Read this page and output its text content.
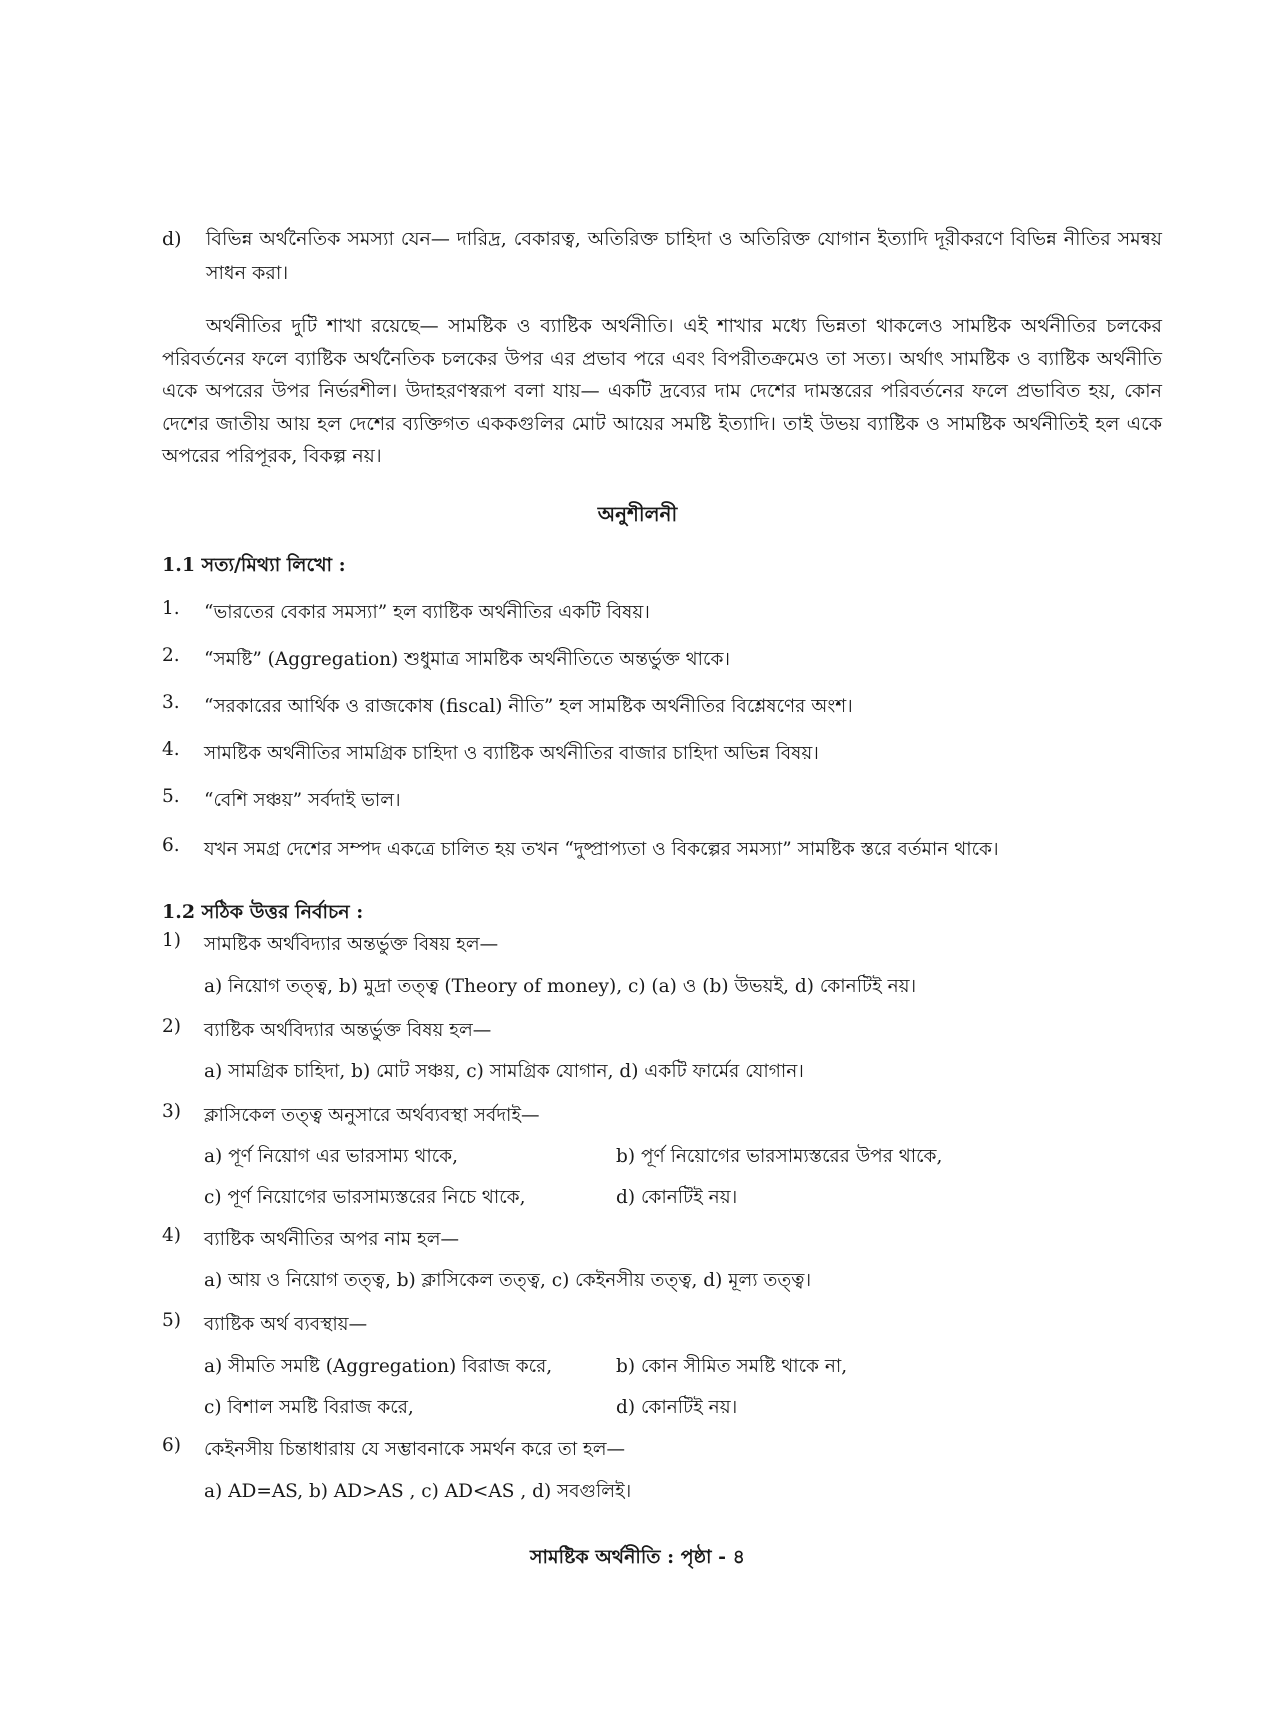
d)	বিভিন্ন অর্থনৈতিক সমস্যা যেন— দারিদ্র, বেকারত্ব, অতিরিক্ত চাহিদা ও অতিরিক্ত যোগান ইত্যাদি দূরীকরণে বিভিন্ন নীতির সমন্বয় সাধন করা।
অর্থনীতির দুটি শাখা রয়েছে— সামষ্টিক ও ব্যাষ্টিক অর্থনীতি। এই শাখার মধ্যে ভিন্নতা থাকলেও সামষ্টিক অর্থনীতির চলকের পরিবর্তনের ফলে ব্যাষ্টিক অর্থনৈতিক চলকের উপর এর প্রভাব পরে এবং বিপরীতক্রমেও তা সত্য। অর্থাৎ সামষ্টিক ও ব্যাষ্টিক অর্থনীতি একে অপরের উপর নির্ভরশীল। উদাহরণস্বরূপ বলা যায়— একটি দ্রব্যের দাম দেশের দামস্তরের পরিবর্তনের ফলে প্রভাবিত হয়, কোন দেশের জাতীয় আয় হল দেশের ব্যক্তিগত এককগুলির মোট আয়ের সমষ্টি ইত্যাদি। তাই উভয় ব্যাষ্টিক ও সামষ্টিক অর্থনীতিই হল একে অপরের পরিপূরক, বিকল্প নয়।
অনুশীলনী
1.1 সত্য/মিথ্যা লিখো :
1.	“ভারতের বেকার সমস্যা” হল ব্যাষ্টিক অর্থনীতির একটি বিষয়।
2.	“সমষ্টি” (Aggregation) শুধুমাত্র সামষ্টিক অর্থনীতিতে অন্তর্ভুক্ত থাকে।
3.	“সরকারের আর্থিক ও রাজকোষ (fiscal) নীতি” হল সামষ্টিক অর্থনীতির বিশ্লেষণের অংশ।
4.	সামষ্টিক অর্থনীতির সামগ্রিক চাহিদা ও ব্যাষ্টিক অর্থনীতির বাজার চাহিদা অভিন্ন বিষয়।
5.	“বেশি সঞ্চয়” সর্বদাই ভাল।
6.	যখন সমগ্র দেশের সম্পদ একত্রে চালিত হয় তখন “দুষ্প্রাপ্যতা ও বিকল্পের সমস্যা” সামষ্টিক স্তরে বর্তমান থাকে।
1.2 সঠিক উত্তর নির্বাচন :
1)	সামষ্টিক অর্থবিদ্যার অন্তর্ভুক্ত বিষয় হল—
a) নিয়োগ তত্ত্ব, b) মুদ্রা তত্ত্ব (Theory of money), c) (a) ও (b) উভয়ই, d) কোনটিই নয়।
2)	ব্যাষ্টিক অর্থবিদ্যার অন্তর্ভুক্ত বিষয় হল—
a) সামগ্রিক চাহিদা, b) মোট সঞ্চয়, c) সামগ্রিক যোগান, d) একটি ফার্মের যোগান।
3)	ক্লাসিকেল তত্ত্ব অনুসারে অর্থব্যবস্থা সর্বদাই—
a) পূর্ণ নিয়োগ এর ভারসাম্য থাকে,	b) পূর্ণ নিয়োগের ভারসাম্যস্তরের উপর থাকে,
c) পূর্ণ নিয়োগের ভারসাম্যস্তরের নিচে থাকে,	d) কোনটিই নয়।
4)	ব্যাষ্টিক অর্থনীতির অপর নাম হল—
a) আয় ও নিয়োগ তত্ত্ব, b) ক্লাসিকেল তত্ত্ব, c) কেইনসীয় তত্ত্ব, d) মূল্য তত্ত্ব।
5)	ব্যাষ্টিক অর্থ ব্যবস্থায়—
a) সীমতি সমষ্টি (Aggregation) বিরাজ করে,	b) কোন সীমিত সমষ্টি থাকে না,
c) বিশাল সমষ্টি বিরাজ করে,	d) কোনটিই নয়।
6)	কেইনসীয় চিন্তাধারায় যে সম্ভাবনাকে সমর্থন করে তা হল—
a) AD=AS, b) AD>AS , c) AD<AS , d) সবগুলিই।
সামষ্টিক অর্থনীতি : পৃষ্ঠা - ৪
